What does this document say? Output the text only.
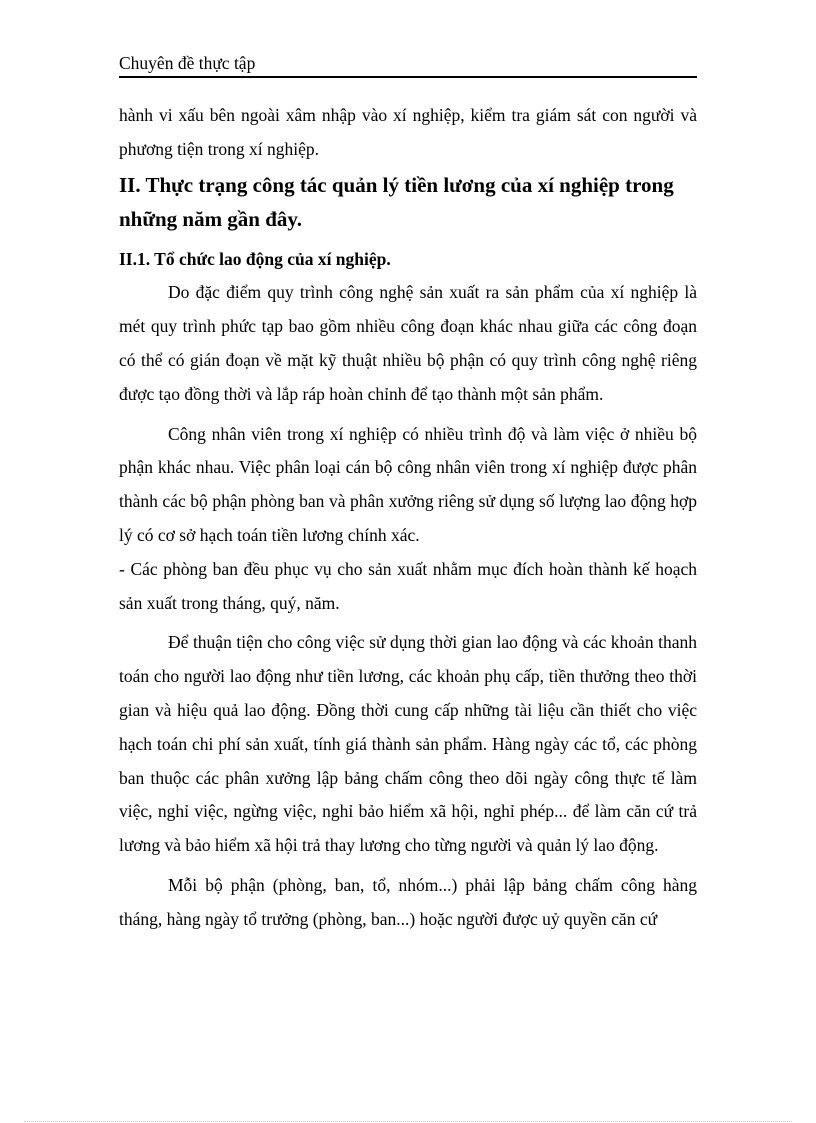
Chuyên đề thực tập

hành vi xấu bên ngoài xâm nhập vào xí nghiệp, kiểm tra giám sát con người và phương tiện trong xí nghiệp.

II. Thực trạng công tác quản lý tiền lương của xí nghiệp trong những năm gần đây.

II.1. Tổ chức lao động của xí nghiệp.

Do đặc điểm quy trình công nghệ sản xuất ra sản phẩm của xí nghiệp là mét quy trình phức tạp bao gồm nhiều công đoạn khác nhau giữa các công đoạn có thể có gián đoạn về mặt kỹ thuật nhiều bộ phận có quy trình công nghệ riêng được tạo đồng thời và lắp ráp hoàn chỉnh để tạo thành một sản phẩm.

Công nhân viên trong xí nghiệp có nhiều trình độ và làm việc ở nhiều bộ phận khác nhau. Việc phân loại cán bộ công nhân viên trong xí nghiệp được phân thành các bộ phận phòng ban và phân xưởng riêng sử dụng số lượng lao động hợp lý có cơ sở hạch toán tiền lương chính xác.

- Các phòng ban đều phục vụ cho sản xuất nhằm mục đích hoàn thành kế hoạch sản xuất trong tháng, quý, năm.

Để thuận tiện cho công việc sử dụng thời gian lao động và các khoản thanh toán cho người lao động như tiền lương, các khoản phụ cấp, tiền thưởng theo thời gian và hiệu quả lao động. Đồng thời cung cấp những tài liệu cần thiết cho việc hạch toán chi phí sản xuất, tính giá thành sản phẩm. Hàng ngày các tổ, các phòng ban thuộc các phân xưởng lập bảng chấm công theo dõi ngày công thực tế làm việc, nghỉ việc, ngừng việc, nghỉ bảo hiểm xã hội, nghỉ phép... để làm căn cứ trả lương và bảo hiểm xã hội trả thay lương cho từng người và quản lý lao động.

Mỗi bộ phận (phòng, ban, tổ, nhóm...) phải lập bảng chấm công hàng tháng, hàng ngày tổ trưởng (phòng, ban...) hoặc người được uỷ quyền căn cứ
